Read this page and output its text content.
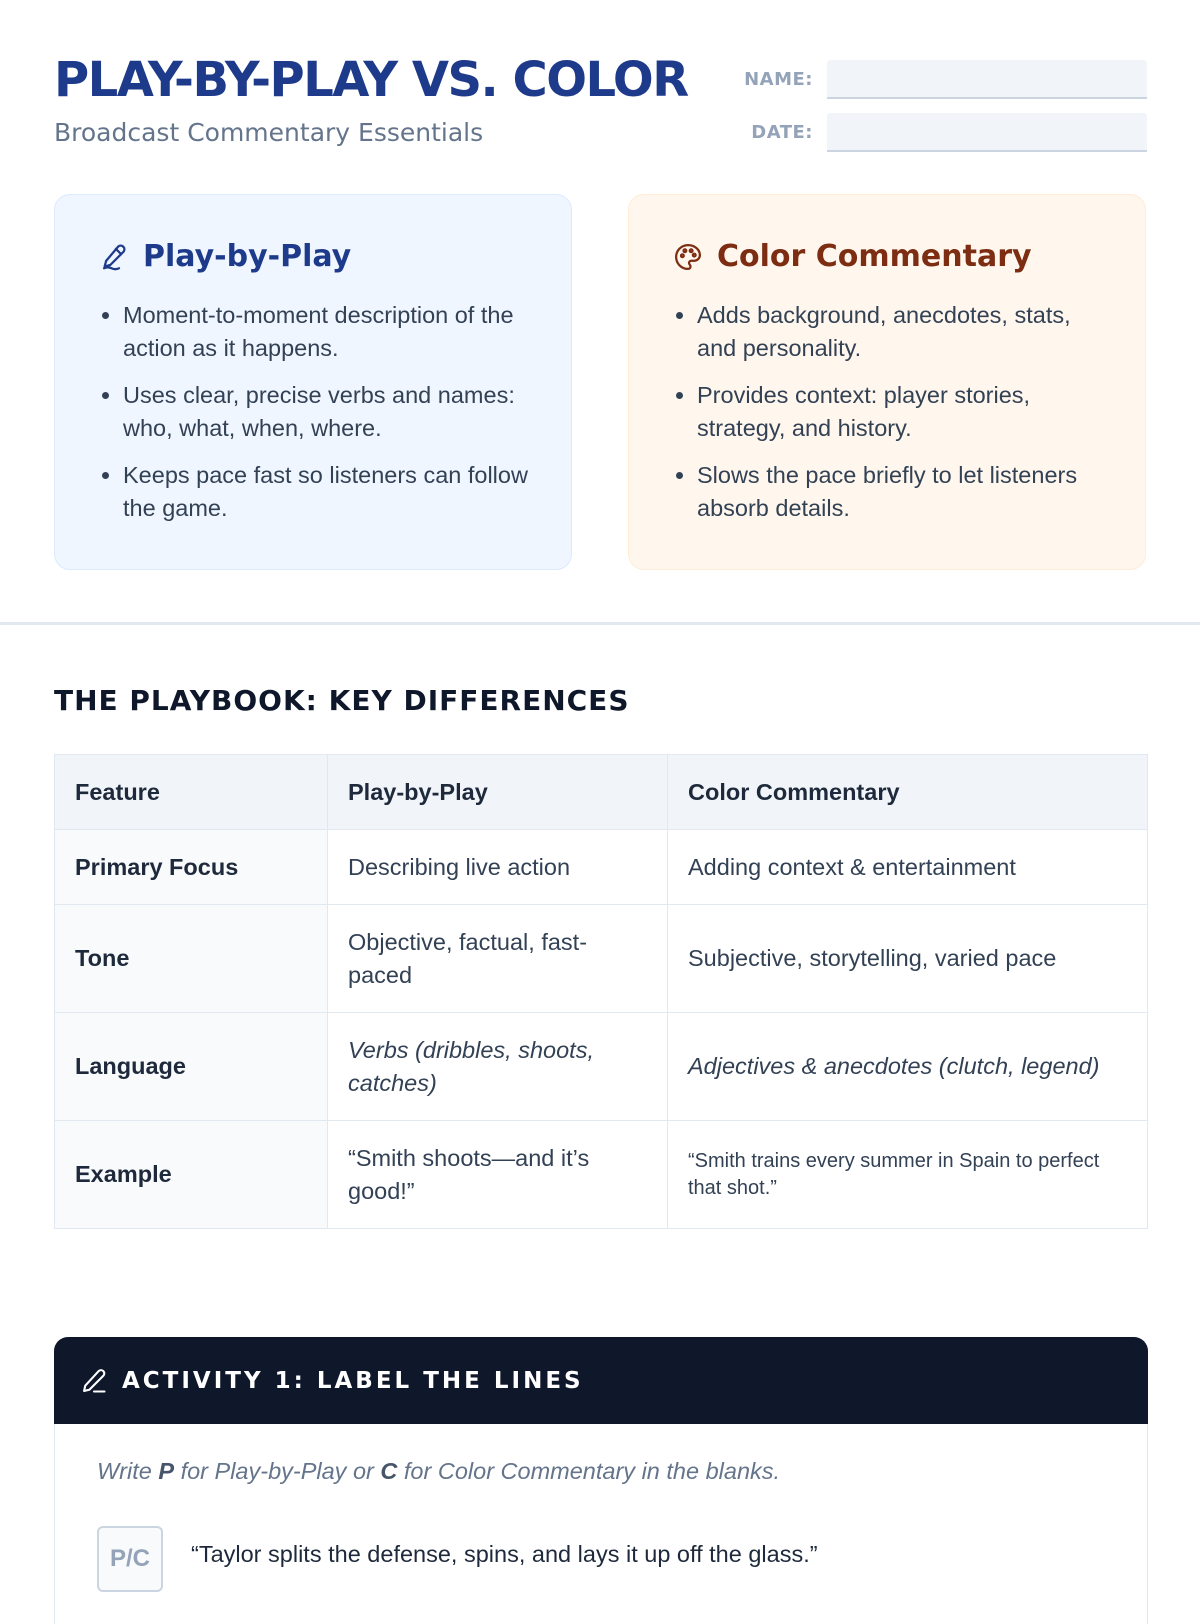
PLAY-BY-PLAY VS. COLOR

Broadcast Commentary Essentials

NAME:
DATE:
Play-by-Play
• Moment-to-moment description of the action as it happens.
• Uses clear, precise verbs and names: who, what, when, where.
• Keeps pace fast so listeners can follow the game.
Color Commentary
• Adds background, anecdotes, stats, and personality.
• Provides context: player stories, strategy, and history.
• Slows the pace briefly to let listeners absorb details.
THE PLAYBOOK: KEY DIFFERENCES
Feature	Play-by-Play	Color Commentary
Primary Focus	Describing live action	Adding context & entertainment
Tone	Objective, factual, fast-paced	Subjective, storytelling, varied pace
Language	Verbs (dribbles, shoots, catches)	Adjectives & anecdotes (clutch, legend)
Example	“Smith shoots—and it’s good!”	“Smith trains every summer in Spain to perfect that shot.”
ACTIVITY 1: LABEL THE LINES

Write P for Play-by-Play or C for Color Commentary in the blanks.

P/C	“Taylor splits the defense, spins, and lays it up off the glass.”
